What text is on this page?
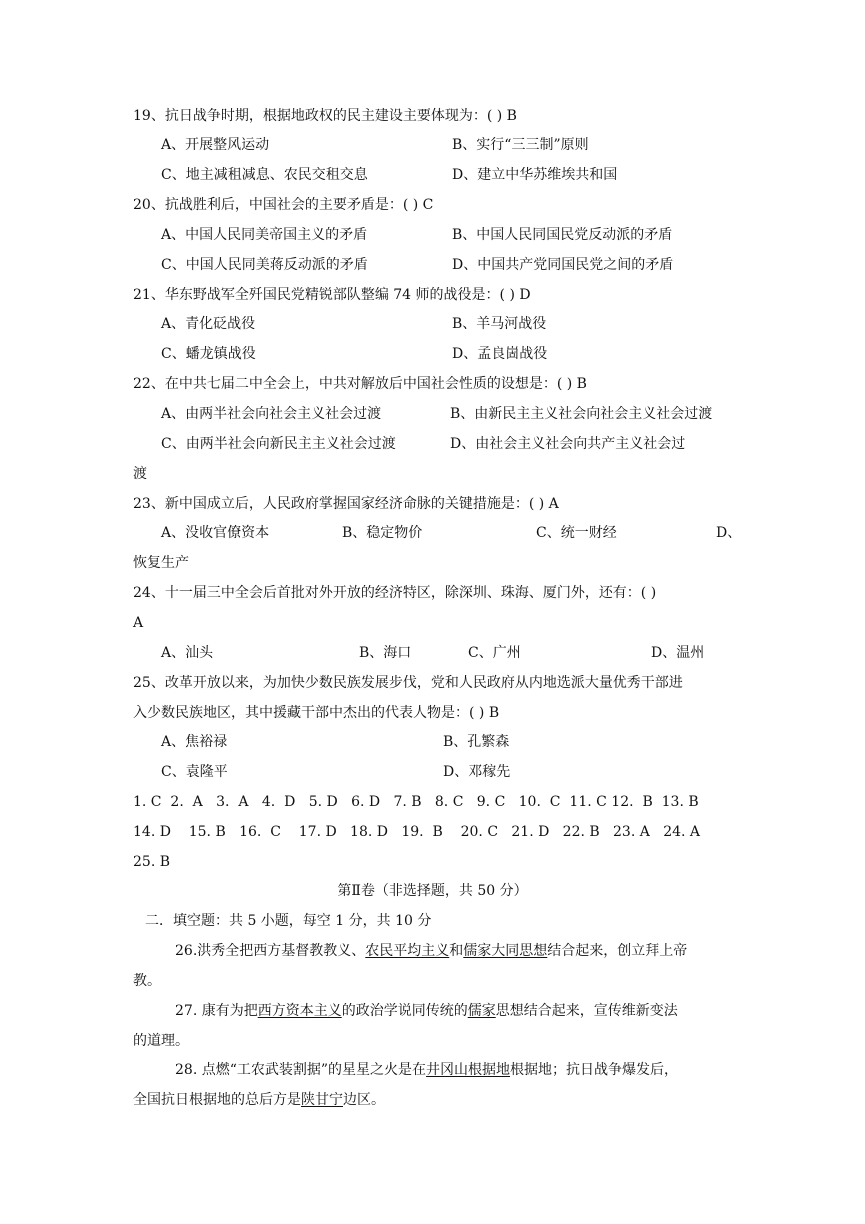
19、抗日战争时期，根据地政权的民主建设主要体现为：( ) B
A、开展整风运动	B、实行“三三制”原则
C、地主减租减息、农民交租交息	D、建立中华苏维埃共和国
20、抗战胜利后，中国社会的主要矛盾是：( ) C
A、中国人民同美帝国主义的矛盾	B、中国人民同国民党反动派的矛盾
C、中国人民同美蒋反动派的矛盾	D、中国共产党同国民党之间的矛盾
21、华东野战军全歼国民党精锐部队整编 74 师的战役是：( ) D
A、青化砭战役	B、羊马河战役
C、蟠龙镇战役	D、孟良崮战役
22、在中共七届二中全会上，中共对解放后中国社会性质的设想是：( ) B
A、由两半社会向社会主义社会过渡	B、由新民主主义社会向社会主义社会过渡
C、由两半社会向新民主主义社会过渡	D、由社会主义社会向共产主义社会过
渡
23、新中国成立后，人民政府掌握国家经济命脉的关键措施是：( ) A
A、没收官僚资本	B、稳定物价	C、统一财经	D、
恢复生产
24、十一届三中全会后首批对外开放的经济特区，除深圳、珠海、厦门外，还有：( )
A
A、汕头	B、海口	C、广州	D、温州
25、改革开放以来，为加快少数民族发展步伐，党和人民政府从内地选派大量优秀干部进
入少数民族地区，其中援藏干部中杰出的代表人物是：( ) B
A、焦裕禄	B、孔繁森
C、袁隆平	D、邓稼先
1. C  2.  A   3.  A   4.  D   5. D   6. D   7. B   8. C   9. C   10.  C  11. C 12.  B  13. B
14. D    15. B   16.  C    17. D   18. D   19.  B    20. C   21. D   22. B   23. A   24. A
25. B
第Ⅱ卷（非选择题，共 50 分）
二．填空题：共 5 小题，每空 1 分，共 10 分
26.洪秀全把西方基督教教义、农民平均主义和儒家大同思想结合起来，创立拜上帝
教。
27. 康有为把西方资本主义的政治学说同传统的儒家思想结合起来，宣传维新变法
的道理。
28. 点燃“工农武装割据”的星星之火是在井冈山根据地根据地；抗日战争爆发后，
全国抗日根据地的总后方是陕甘宁边区。
